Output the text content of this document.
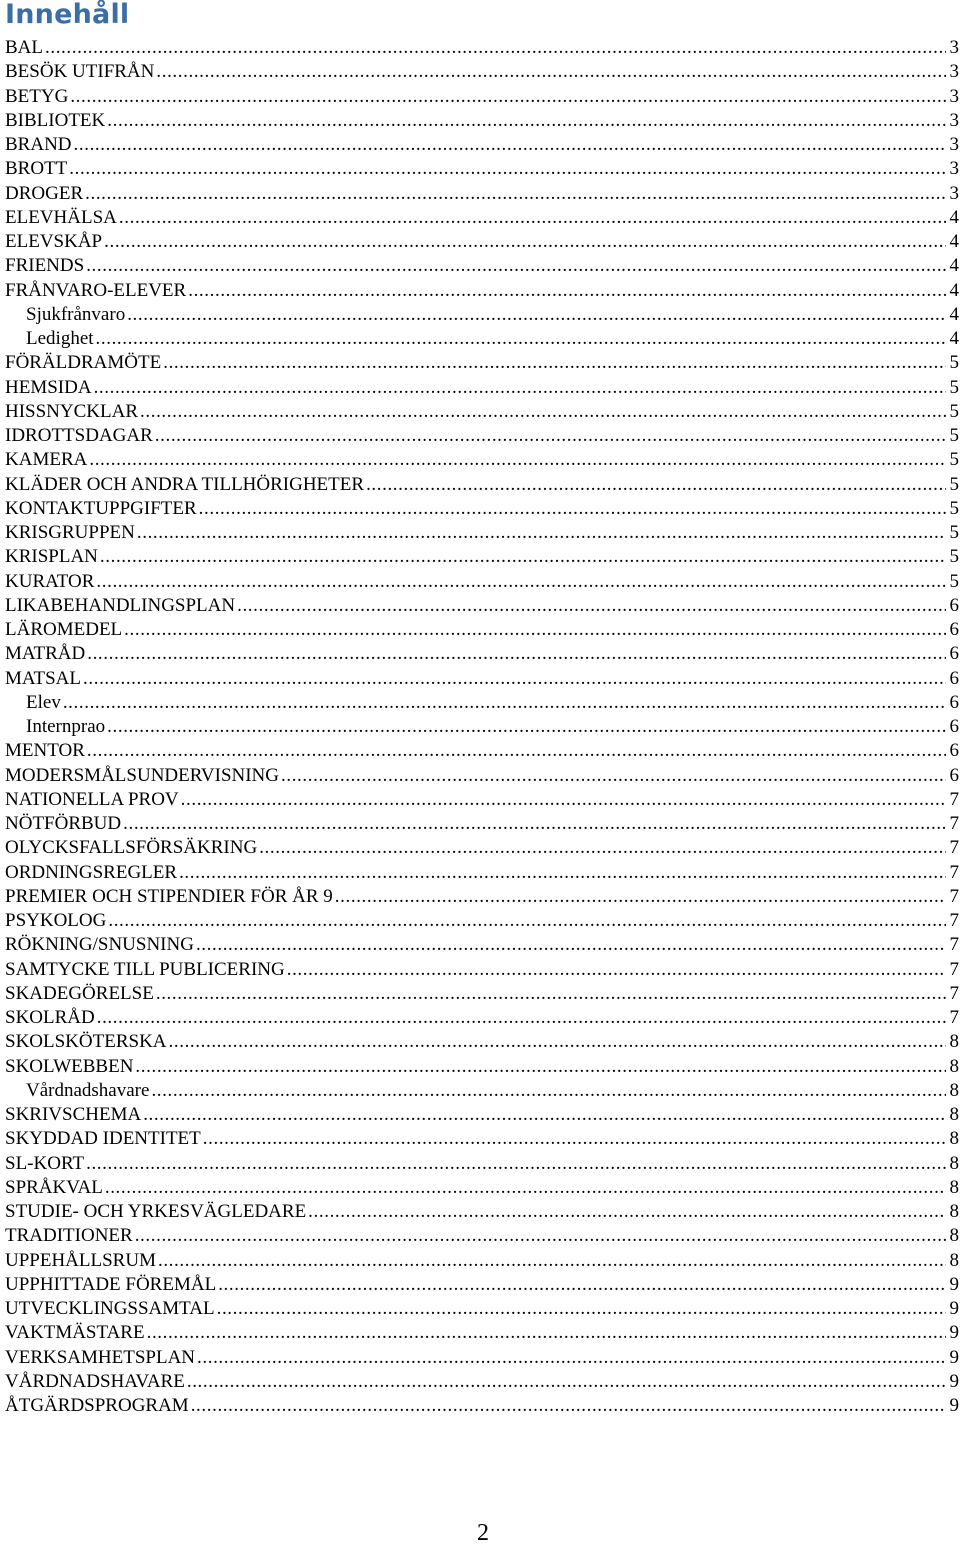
Innehåll
BAL .....	3
BESÖK UTIFRÅN .....	3
BETYG .....	3
BIBLIOTEK .....	3
BRAND .....	3
BROTT .....	3
DROGER .....	3
ELEVHÄLSA .....	4
ELEVSKÅP .....	4
FRIENDS .....	4
FRÅNVARO-ELEVER .....	4
Sjukfrånvaro .....	4
Ledighet .....	4
FÖRÄLDRAMÖTE .....	5
HEMSIDA .....	5
HISSNYCKLAR .....	5
IDROTTSDAGAR .....	5
KAMERA .....	5
KLÄDER OCH ANDRA TILLHÖRIGHETER .....	5
KONTAKTUPPGIFTER .....	5
KRISGRUPPEN .....	5
KRISPLAN .....	5
KURATOR .....	5
LIKABEHANDLINGSPLAN .....	6
LÄROMEDEL .....	6
MATRÅD .....	6
MATSAL .....	6
Elev .....	6
Internprao .....	6
MENTOR .....	6
MODERSMÅLSUNDERVISNING .....	6
NATIONELLA PROV .....	7
NÖTFÖRBUD .....	7
OLYCKSFALLSFÖRSÄKRING .....	7
ORDNINGSREGLER .....	7
PREMIER OCH STIPENDIER FÖR ÅR 9 .....	7
PSYKOLOG .....	7
RÖKNING/SNUSNING .....	7
SAMTYCKE TILL PUBLICERING .....	7
SKADEGÖRELSE .....	7
SKOLRÅD .....	7
SKOLSKÖTERSKA .....	8
SKOLWEBBEN .....	8
Vårdnadshavare .....	8
SKRIVSCHEMA .....	8
SKYDDAD IDENTITET .....	8
SL-KORT .....	8
SPRÅKVAL .....	8
STUDIE- OCH YRKESVÄGLEDARE .....	8
TRADITIONER .....	8
UPPEHÅLLSRUM .....	8
UPPHITTADE FÖREMÅL .....	9
UTVECKLINGSSAMTAL .....	9
VAKTMÄSTARE .....	9
VERKSAMHETSPLAN .....	9
VÅRDNADSHAVARE .....	9
ÅTGÄRDSPROGRAM .....	9
2
